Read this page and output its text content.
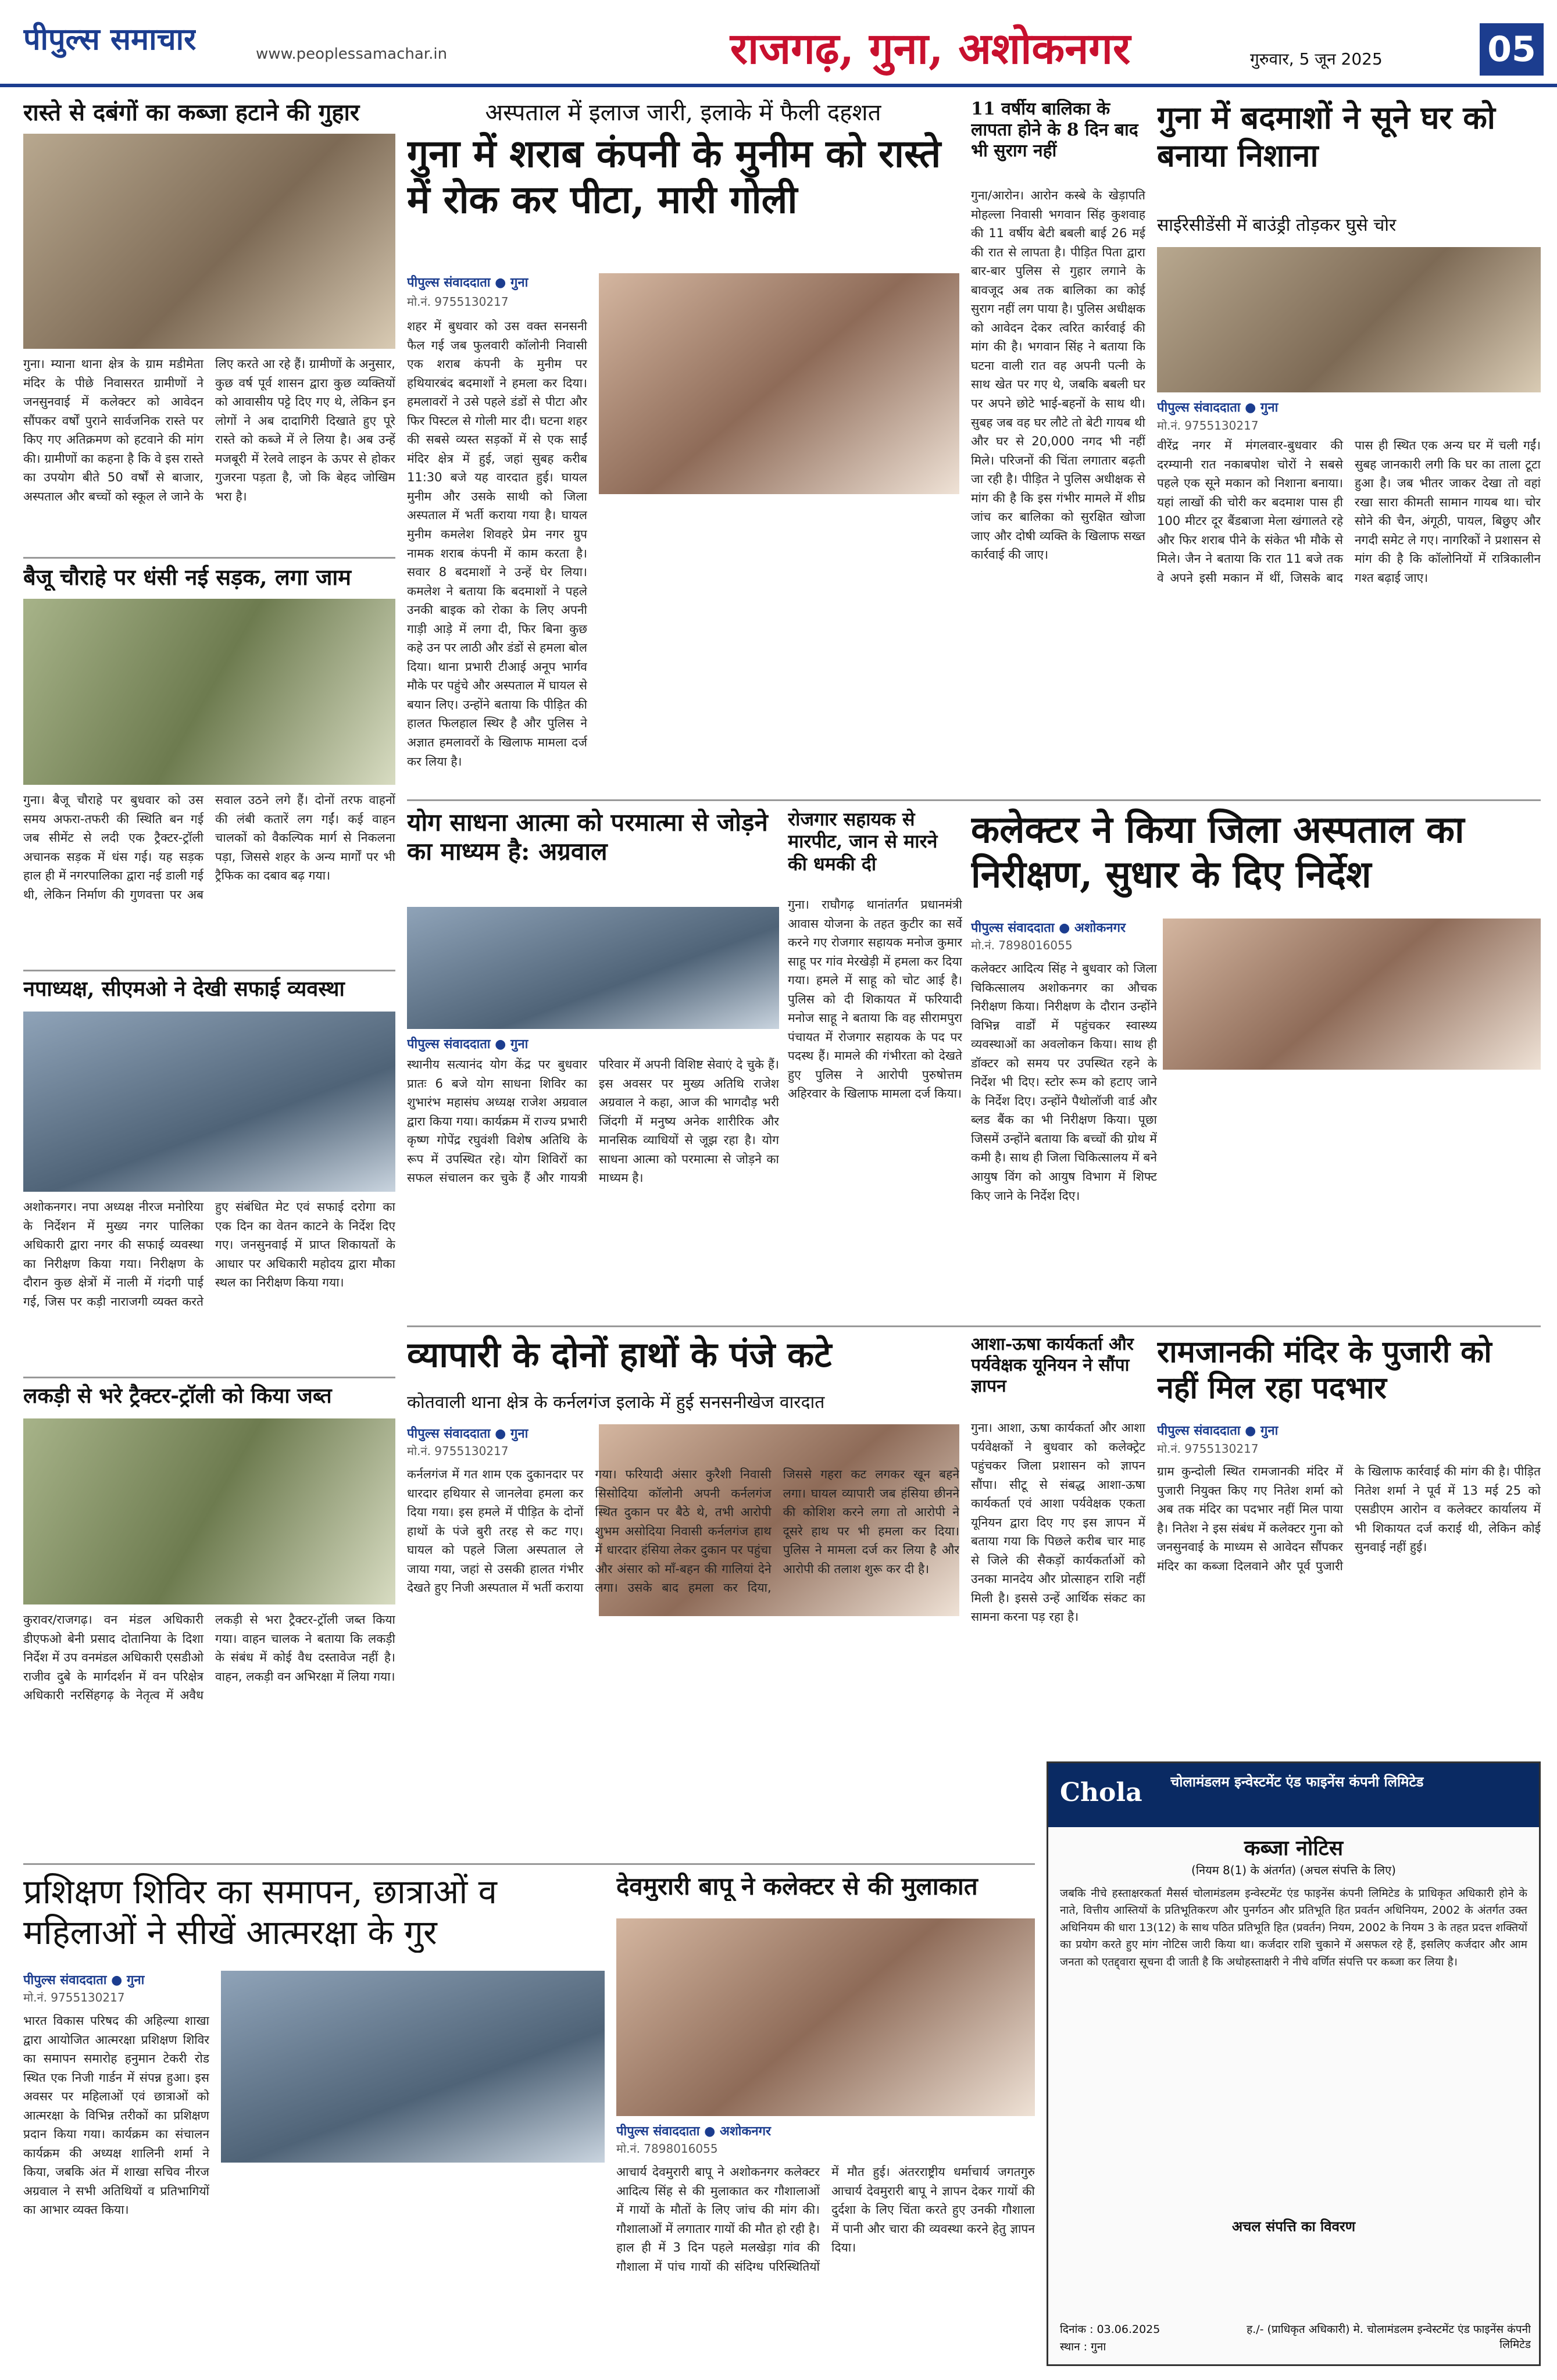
पीपुल्स समाचार	www.peoplessamachar.in	राजगढ़, गुना, अशोकनगर	गुरुवार, 5 जून 2025	05
रास्ते से दबंगों का कब्जा हटाने की गुहार
गुना। म्याना थाना क्षेत्र के ग्राम मडीमेता मंदिर के पीछे निवासरत ग्रामीणों ने जनसुनवाई में कलेक्टर को आवेदन सौंपकर वर्षों पुराने सार्वजनिक रास्ते पर किए गए अतिक्रमण को हटवाने की मांग की। ग्रामीणों का कहना है कि वे इस रास्ते का उपयोग बीते 50 वर्षों से बाजार, अस्पताल और बच्चों को स्कूल ले जाने के लिए करते आ रहे हैं। ग्रामीणों के अनुसार, कुछ वर्ष पूर्व शासन द्वारा कुछ व्यक्तियों को आवासीय पट्टे दिए गए थे, लेकिन इन लोगों ने अब दादागिरी दिखाते हुए पूरे रास्ते को कब्जे में ले लिया है। अब उन्हें मजबूरी में रेलवे लाइन के ऊपर से होकर गुजरना पड़ता है, जो कि बेहद जोखिम भरा है।
बैजू चौराहे पर धंसी नई सड़क, लगा जाम
गुना। बैजू चौराहे पर बुधवार को उस समय अफरा-तफरी की स्थिति बन गई जब सीमेंट से लदी एक ट्रैक्टर-ट्रॉली अचानक सड़क में धंस गई। यह सड़क हाल ही में नगरपालिका द्वारा नई डाली गई थी, लेकिन निर्माण की गुणवत्ता पर अब सवाल उठने लगे हैं। दोनों तरफ वाहनों की लंबी कतारें लग गईं। कई वाहन चालकों को वैकल्पिक मार्ग से निकलना पड़ा, जिससे शहर के अन्य मार्गों पर भी ट्रैफिक का दबाव बढ़ गया।
नपाध्यक्ष, सीएमओ ने देखी सफाई व्यवस्था
अशोकनगर। नपा अध्यक्ष नीरज मनोरिया के निर्देशन में मुख्य नगर पालिका अधिकारी द्वारा नगर की सफाई व्यवस्था का निरीक्षण किया गया। निरीक्षण के दौरान कुछ क्षेत्रों में नाली में गंदगी पाई गई, जिस पर कड़ी नाराजगी व्यक्त करते हुए संबंधित मेट एवं सफाई दरोगा का एक दिन का वेतन काटने के निर्देश दिए गए। जनसुनवाई में प्राप्त शिकायतों के आधार पर अधिकारी महोदय द्वारा मौका स्थल का निरीक्षण किया गया।
लकड़ी से भरे ट्रैक्टर-ट्रॉली को किया जब्त
कुरावर/राजगढ़। वन मंडल अधिकारी डीएफओ बेनी प्रसाद दोतानिया के दिशा निर्देश में उप वनमंडल अधिकारी एसडीओ राजीव दुबे के मार्गदर्शन में वन परिक्षेत्र अधिकारी नरसिंहगढ़ के नेतृत्व में अवैध लकड़ी से भरा ट्रैक्टर-ट्रॉली जब्त किया गया। वाहन चालक ने बताया कि लकड़ी के संबंध में कोई वैध दस्तावेज नहीं है। वाहन, लकड़ी वन अभिरक्षा में लिया गया।
अस्पताल में इलाज जारी, इलाके में फैली दहशत
गुना में शराब कंपनी के मुनीम को रास्ते में रोक कर पीटा, मारी गोली
पीपुल्स संवाददाता ● गुना
मो.नं. 9755130217
शहर में बुधवार को उस वक्त सनसनी फैल गई जब फुलवारी कॉलोनी निवासी एक शराब कंपनी के मुनीम पर हथियारबंद बदमाशों ने हमला कर दिया। हमलावरों ने उसे पहले डंडों से पीटा और फिर पिस्टल से गोली मार दी। घटना शहर की सबसे व्यस्त सड़कों में से एक साईं मंदिर क्षेत्र में हुई, जहां सुबह करीब 11:30 बजे यह वारदात हुई। घायल मुनीम और उसके साथी को जिला अस्पताल में भर्ती कराया गया है। घायल मुनीम कमलेश शिवहरे प्रेम नगर ग्रुप नामक शराब कंपनी में काम करता है। सवार 8 बदमाशों ने उन्हें घेर लिया। कमलेश ने बताया कि बदमाशों ने पहले उनकी बाइक को रोका के लिए अपनी गाड़ी आड़े में लगा दी, फिर बिना कुछ कहे उन पर लाठी और डंडों से हमला बोल दिया। थाना प्रभारी टीआई अनूप भार्गव मौके पर पहुंचे और अस्पताल में घायल से बयान लिए। उन्होंने बताया कि पीड़ित की हालत फिलहाल स्थिर है और पुलिस ने अज्ञात हमलावरों के खिलाफ मामला दर्ज कर लिया है।
11 वर्षीय बालिका के लापता होने के 8 दिन बाद भी सुराग नहीं
गुना/आरोन। आरोन कस्बे के खेड़ापति मोहल्ला निवासी भगवान सिंह कुशवाह की 11 वर्षीय बेटी बबली बाई 26 मई की रात से लापता है। पीड़ित पिता द्वारा बार-बार पुलिस से गुहार लगाने के बावजूद अब तक बालिका का कोई सुराग नहीं लग पाया है। पुलिस अधीक्षक को आवेदन देकर त्वरित कार्रवाई की मांग की है। भगवान सिंह ने बताया कि घटना वाली रात वह अपनी पत्नी के साथ खेत पर गए थे, जबकि बबली घर पर अपने छोटे भाई-बहनों के साथ थी। सुबह जब वह घर लौटे तो बेटी गायब थी और घर से 20,000 नगद भी नहीं मिले। परिजनों की चिंता लगातार बढ़ती जा रही है। पीड़ित ने पुलिस अधीक्षक से मांग की है कि इस गंभीर मामले में शीघ्र जांच कर बालिका को सुरक्षित खोजा जाए और दोषी व्यक्ति के खिलाफ सख्त कार्रवाई की जाए।
गुना में बदमाशों ने सूने घर को बनाया निशाना
साईरेसीडेंसी में बाउंड्री तोड़कर घुसे चोर
पीपुल्स संवाददाता ● गुना
मो.नं. 9755130217
वीरेंद्र नगर में मंगलवार-बुधवार की दरम्यानी रात नकाबपोश चोरों ने सबसे पहले एक सूने मकान को निशाना बनाया। यहां लाखों की चोरी कर बदमाश पास ही 100 मीटर दूर बैंडबाजा मेला खंगालते रहे और फिर शराब पीने के संकेत भी मौके से मिले। जैन ने बताया कि रात 11 बजे तक वे अपने इसी मकान में थीं, जिसके बाद पास ही स्थित एक अन्य घर में चली गईं। सुबह जानकारी लगी कि घर का ताला टूटा हुआ है। जब भीतर जाकर देखा तो वहां रखा सारा कीमती सामान गायब था। चोर सोने की चैन, अंगूठी, पायल, बिछुए और नगदी समेट ले गए। नागरिकों ने प्रशासन से मांग की है कि कॉलोनियों में रात्रिकालीन गश्त बढ़ाई जाए।
योग साधना आत्मा को परमात्मा से जोड़ने का माध्यम है: अग्रवाल
पीपुल्स संवाददाता ● गुना
स्थानीय सत्यानंद योग केंद्र पर बुधवार प्रातः 6 बजे योग साधना शिविर का शुभारंभ महासंघ अध्यक्ष राजेश अग्रवाल द्वारा किया गया। कार्यक्रम में राज्य प्रभारी कृष्ण गोपेंद्र रघुवंशी विशेष अतिथि के रूप में उपस्थित रहे। योग शिविरों का सफल संचालन कर चुके हैं और गायत्री परिवार में अपनी विशिष्ट सेवाएं दे चुके हैं। इस अवसर पर मुख्य अतिथि राजेश अग्रवाल ने कहा, आज की भागदौड़ भरी जिंदगी में मनुष्य अनेक शारीरिक और मानसिक व्याधियों से जूझ रहा है। योग साधना आत्मा को परमात्मा से जोड़ने का माध्यम है।
रोजगार सहायक से मारपीट, जान से मारने की धमकी दी
गुना। राघौगढ़ थानांतर्गत प्रधानमंत्री आवास योजना के तहत कुटीर का सर्वे करने गए रोजगार सहायक मनोज कुमार साहू पर गांव मेरखेड़ी में हमला कर दिया गया। हमले में साहू को चोट आई है। पुलिस को दी शिकायत में फरियादी मनोज साहू ने बताया कि वह सीरामपुरा पंचायत में रोजगार सहायक के पद पर पदस्थ हैं। मामले की गंभीरता को देखते हुए पुलिस ने आरोपी पुरुषोत्तम अहिरवार के खिलाफ मामला दर्ज किया।
कलेक्टर ने किया जिला अस्पताल का निरीक्षण, सुधार के दिए निर्देश
पीपुल्स संवाददाता ● अशोकनगर
मो.नं. 7898016055
कलेक्टर आदित्य सिंह ने बुधवार को जिला चिकित्सालय अशोकनगर का औचक निरीक्षण किया। निरीक्षण के दौरान उन्होंने विभिन्न वार्डों में पहुंचकर स्वास्थ्य व्यवस्थाओं का अवलोकन किया। साथ ही डॉक्टर को समय पर उपस्थित रहने के निर्देश भी दिए। स्टोर रूम को हटाए जाने के निर्देश दिए। उन्होंने पैथोलॉजी वार्ड और ब्लड बैंक का भी निरीक्षण किया। पूछा जिसमें उन्होंने बताया कि बच्चों की ग्रोथ में कमी है। साथ ही जिला चिकित्सालय में बने आयुष विंग को आयुष विभाग में शिफ्ट किए जाने के निर्देश दिए।
व्यापारी के दोनों हाथों के पंजे कटे
कोतवाली थाना क्षेत्र के कर्नलगंज इलाके में हुई सनसनीखेज वारदात
पीपुल्स संवाददाता ● गुना
मो.नं. 9755130217
कर्नलगंज में गत शाम एक दुकानदार पर धारदार हथियार से जानलेवा हमला कर दिया गया। इस हमले में पीड़ित के दोनों हाथों के पंजे बुरी तरह से कट गए। घायल को पहले जिला अस्पताल ले जाया गया, जहां से उसकी हालत गंभीर देखते हुए निजी अस्पताल में भर्ती कराया गया। फरियादी अंसार कुरैशी निवासी सिसोदिया कॉलोनी अपनी कर्नलगंज स्थित दुकान पर बैठे थे, तभी आरोपी शुभम असोदिया निवासी कर्नलगंज हाथ में धारदार हंसिया लेकर दुकान पर पहुंचा और अंसार को माँ-बहन की गालियां देने लगा। उसके बाद हमला कर दिया, जिससे गहरा कट लगकर खून बहने लगा। घायल व्यापारी जब हंसिया छीनने की कोशिश करने लगा तो आरोपी ने दूसरे हाथ पर भी हमला कर दिया। पुलिस ने मामला दर्ज कर लिया है और आरोपी की तलाश शुरू कर दी है।
आशा-ऊषा कार्यकर्ता और पर्यवेक्षक यूनियन ने सौंपा ज्ञापन
गुना। आशा, ऊषा कार्यकर्ता और आशा पर्यवेक्षकों ने बुधवार को कलेक्ट्रेट पहुंचकर जिला प्रशासन को ज्ञापन सौंपा। सीटू से संबद्ध आशा-ऊषा कार्यकर्ता एवं आशा पर्यवेक्षक एकता यूनियन द्वारा दिए गए इस ज्ञापन में बताया गया कि पिछले करीब चार माह से जिले की सैकड़ों कार्यकर्ताओं को उनका मानदेय और प्रोत्साहन राशि नहीं मिली है। इससे उन्हें आर्थिक संकट का सामना करना पड़ रहा है।
रामजानकी मंदिर के पुजारी को नहीं मिल रहा पदभार
पीपुल्स संवाददाता ● गुना
मो.नं. 9755130217
ग्राम कुन्दोली स्थित रामजानकी मंदिर में पुजारी नियुक्त किए गए नितेश शर्मा को अब तक मंदिर का पदभार नहीं मिल पाया है। नितेश ने इस संबंध में कलेक्टर गुना को जनसुनवाई के माध्यम से आवेदन सौंपकर मंदिर का कब्जा दिलवाने और पूर्व पुजारी के खिलाफ कार्रवाई की मांग की है। पीड़ित नितेश शर्मा ने पूर्व में 13 मई 25 को एसडीएम आरोन व कलेक्टर कार्यालय में भी शिकायत दर्ज कराई थी, लेकिन कोई सुनवाई नहीं हुई।
Chola चोलामंडलम इन्वेस्टमेंट एंड फाइनेंस कंपनी लिमिटेड
कब्जा नोटिस
(नियम 8(1) के अंतर्गत) (अचल संपत्ति के लिए)
जबकि नीचे हस्ताक्षरकर्ता मैसर्स चोलामंडलम इन्वेस्टमेंट एंड फाइनेंस कंपनी लिमिटेड के प्राधिकृत अधिकारी होने के नाते, वित्तीय आस्तियों के प्रतिभूतिकरण और पुनर्गठन और प्रतिभूति हित प्रवर्तन अधिनियम, 2002 के अंतर्गत उक्त अधिनियम की धारा 13(12) के साथ पठित प्रतिभूति हित (प्रवर्तन) नियम, 2002 के नियम 3 के तहत प्रदत्त शक्तियों का प्रयोग करते हुए मांग नोटिस जारी किया था। कर्जदार राशि चुकाने में असफल रहे हैं, इसलिए कर्जदार और आम जनता को एतद्द्वारा सूचना दी जाती है कि अधोहस्ताक्षरी ने नीचे वर्णित संपत्ति पर कब्जा कर लिया है।
अचल संपत्ति का विवरण
दिनांक : 03.06.2025
स्थान : गुना
ह./- (प्राधिकृत अधिकारी) मे. चोलामंडलम इन्वेस्टमेंट एंड फाइनेंस कंपनी लिमिटेड
प्रशिक्षण शिविर का समापन, छात्राओं व महिलाओं ने सीखें आत्मरक्षा के गुर
पीपुल्स संवाददाता ● गुना
मो.नं. 9755130217
भारत विकास परिषद की अहिल्या शाखा द्वारा आयोजित आत्मरक्षा प्रशिक्षण शिविर का समापन समारोह हनुमान टेकरी रोड स्थित एक निजी गार्डन में संपन्न हुआ। इस अवसर पर महिलाओं एवं छात्राओं को आत्मरक्षा के विभिन्न तरीकों का प्रशिक्षण प्रदान किया गया। कार्यक्रम का संचालन कार्यक्रम की अध्यक्ष शालिनी शर्मा ने किया, जबकि अंत में शाखा सचिव नीरज अग्रवाल ने सभी अतिथियों व प्रतिभागियों का आभार व्यक्त किया।
देवमुरारी बापू ने कलेक्टर से की मुलाकात
पीपुल्स संवाददाता ● अशोकनगर
मो.नं. 7898016055
आचार्य देवमुरारी बापू ने अशोकनगर कलेक्टर आदित्य सिंह से की मुलाकात कर गौशालाओं में गायों के मौतों के लिए जांच की मांग की। गौशालाओं में लगातार गायों की मौत हो रही है। हाल ही में 3 दिन पहले मलखेड़ा गांव की गौशाला में पांच गायों की संदिग्ध परिस्थितियों में मौत हुई। अंतरराष्ट्रीय धर्माचार्य जगतगुरु आचार्य देवमुरारी बापू ने ज्ञापन देकर गायों की दुर्दशा के लिए चिंता करते हुए उनकी गौशाला में पानी और चारा की व्यवस्था करने हेतु ज्ञापन दिया।
